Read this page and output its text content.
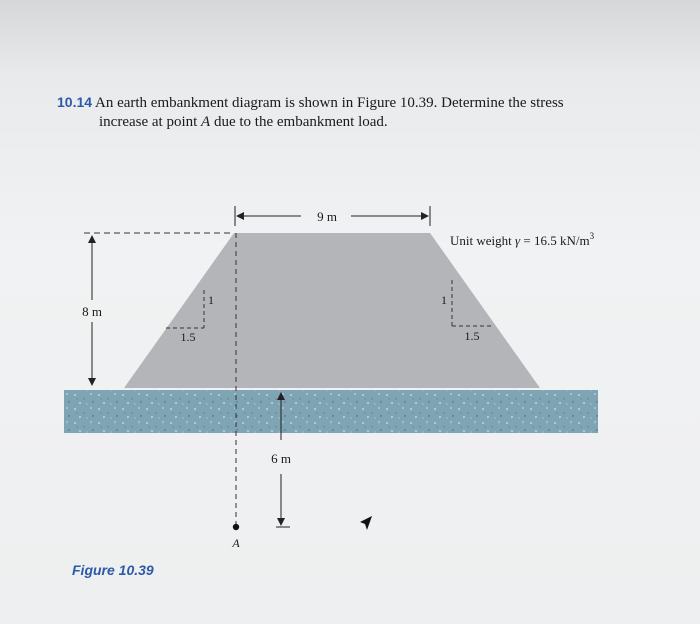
10.14 An earth embankment diagram is shown in Figure 10.39. Determine the stress
increase at point A due to the embankment load.
9 m
8 m
1
1.5
1
1.5
Unit weight γ = 16.5 $kN/m^3$
6 m
A
Figure 10.39
